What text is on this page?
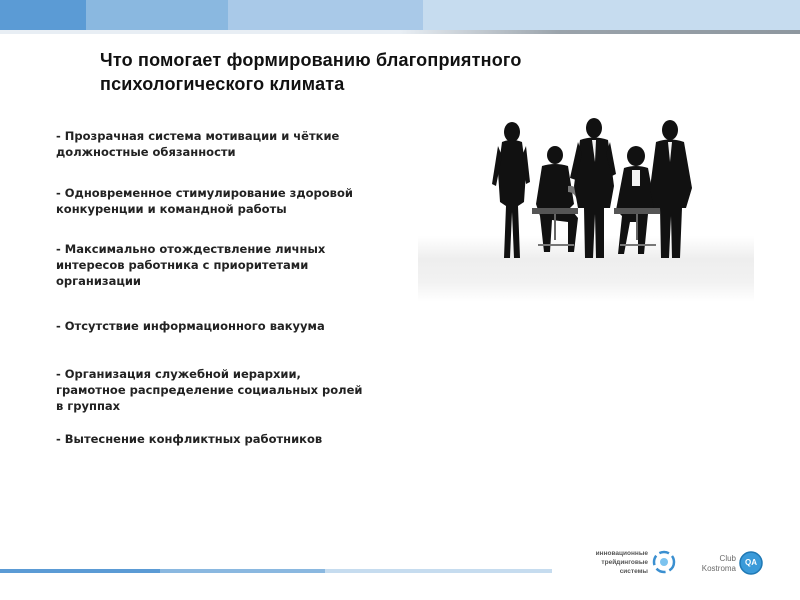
Что помогает формированию благоприятного
психологического климата
- Прозрачная система мотивации и чёткие
должностные обязанности
- Одновременное стимулирование здоровой
конкуренции и командной работы
- Максимально отождествление личных
интересов работника с приоритетами
организации
- Отсутствие информационного вакуума
- Организация служебной иерархии,
грамотное распределение социальных ролей
в группах
- Вытеснение конфликтных работников
инновационные
трейдинговые
системы
Club
Kostroma
QA
